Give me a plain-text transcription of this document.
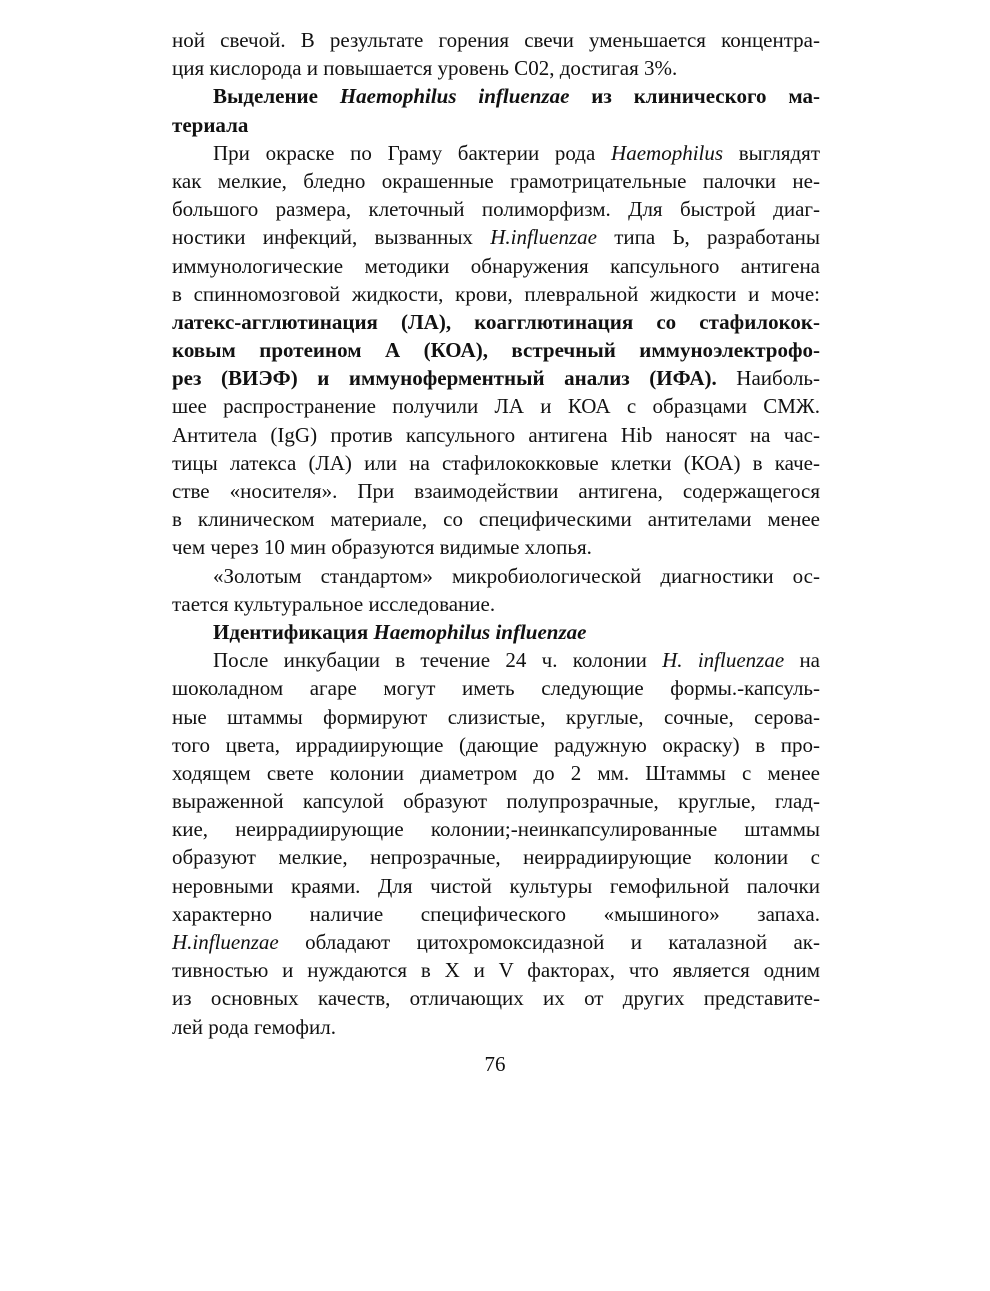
ной свечой. В результате горения свечи уменьшается концентра-
ция кислорода и повышается уровень С02, достигая 3%.
Выделение Haemophilus influenzae из клинического ма-
териала
При окраске по Граму бактерии рода Haemophilus выглядят
как мелкие, бледно окрашенные грамотрицательные палочки не-
большого размера, клеточный полиморфизм. Для быстрой диаг-
ностики инфекций, вызванных H.influenzae типа Ь, разработаны
иммунологические методики обнаружения капсульного антигена
в спинномозговой жидкости, крови, плевральной жидкости и моче:
латекс-агглютинация (ЛА), коагглютинация со стафилокок-
ковым протеином А (КОА), встречный иммуноэлектрофо-
рез (ВИЭФ) и иммуноферментный анализ (ИФА). Наиболь-
шее распространение получили ЛА и КОА с образцами СМЖ.
Антитела (IgG) против капсульного антигена Hib наносят на час-
тицы латекса (ЛА) или на стафилококковые клетки (КОА) в каче-
стве «носителя». При взаимодействии антигена, содержащегося
в клиническом материале, со специфическими антителами менее
чем через 10 мин образуются видимые хлопья.
«Золотым стандартом» микробиологической диагностики ос-
тается культуральное исследование.
Идентификация Haemophilus influenzae
После инкубации в течение 24 ч. колонии H. influenzae на
шоколадном агаре могут иметь следующие формы.-капсуль-
ные штаммы формируют слизистые, круглые, сочные, серова-
того цвета, иррадиирующие (дающие радужную окраску) в про-
ходящем свете колонии диаметром до 2 мм. Штаммы с менее
выраженной капсулой образуют полупрозрачные, круглые, глад-
кие, неиррадиирующие колонии;-неинкапсулированные штаммы
образуют мелкие, непрозрачные, неиррадиирующие колонии с
неровными краями. Для чистой культуры гемофильной палочки
характерно наличие специфического «мышиного» запаха.
H.influenzae обладают цитохромоксидазной и каталазной ак-
тивностью и нуждаются в X и V факторах, что является одним
из основных качеств, отличающих их от других представите-
лей рода гемофил.
76
